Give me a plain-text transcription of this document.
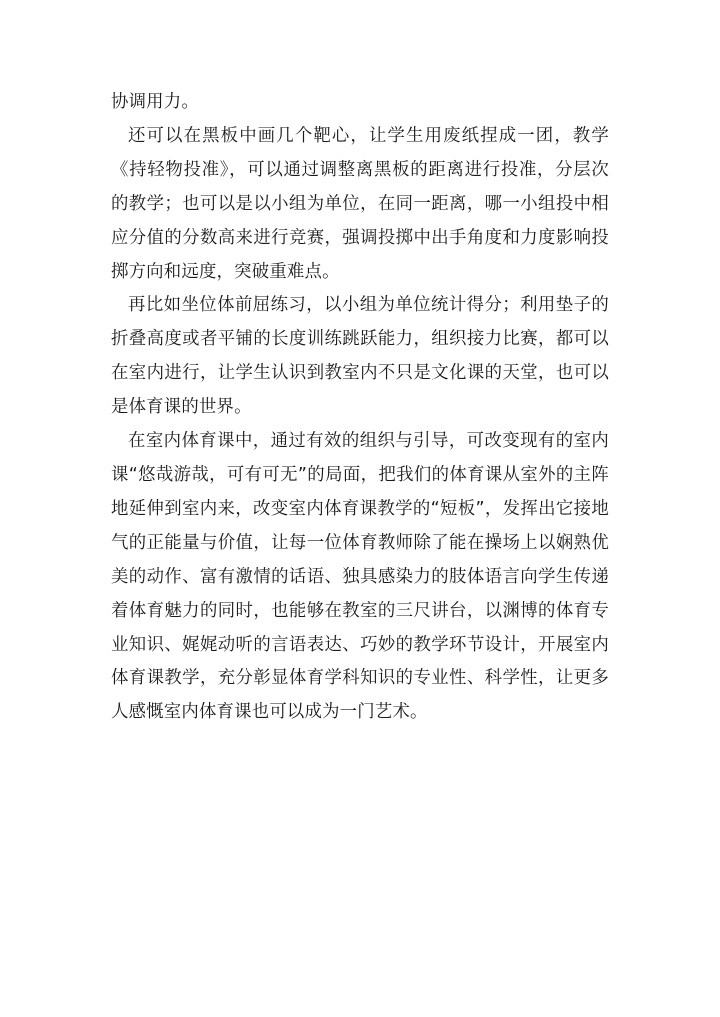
协调用力。

还可以在黑板中画几个靶心，让学生用废纸捏成一团，教学《持轻物投准》，可以通过调整离黑板的距离进行投准，分层次的教学；也可以是以小组为单位，在同一距离，哪一小组投中相应分值的分数高来进行竞赛，强调投掷中出手角度和力度影响投掷方向和远度，突破重难点。

再比如坐位体前屈练习，以小组为单位统计得分；利用垫子的折叠高度或者平铺的长度训练跳跃能力，组织接力比赛，都可以在室内进行，让学生认识到教室内不只是文化课的天堂，也可以是体育课的世界。

在室内体育课中，通过有效的组织与引导，可改变现有的室内课“悠哉游哉，可有可无”的局面，把我们的体育课从室外的主阵地延伸到室内来，改变室内体育课教学的“短板”，发挥出它接地气的正能量与价值，让每一位体育教师除了能在操场上以娴熟优美的动作、富有激情的话语、独具感染力的肢体语言向学生传递着体育魅力的同时，也能够在教室的三尺讲台，以渊博的体育专业知识、娓娓动听的言语表达、巧妙的教学环节设计，开展室内体育课教学，充分彰显体育学科知识的专业性、科学性，让更多人感慨室内体育课也可以成为一门艺术。
